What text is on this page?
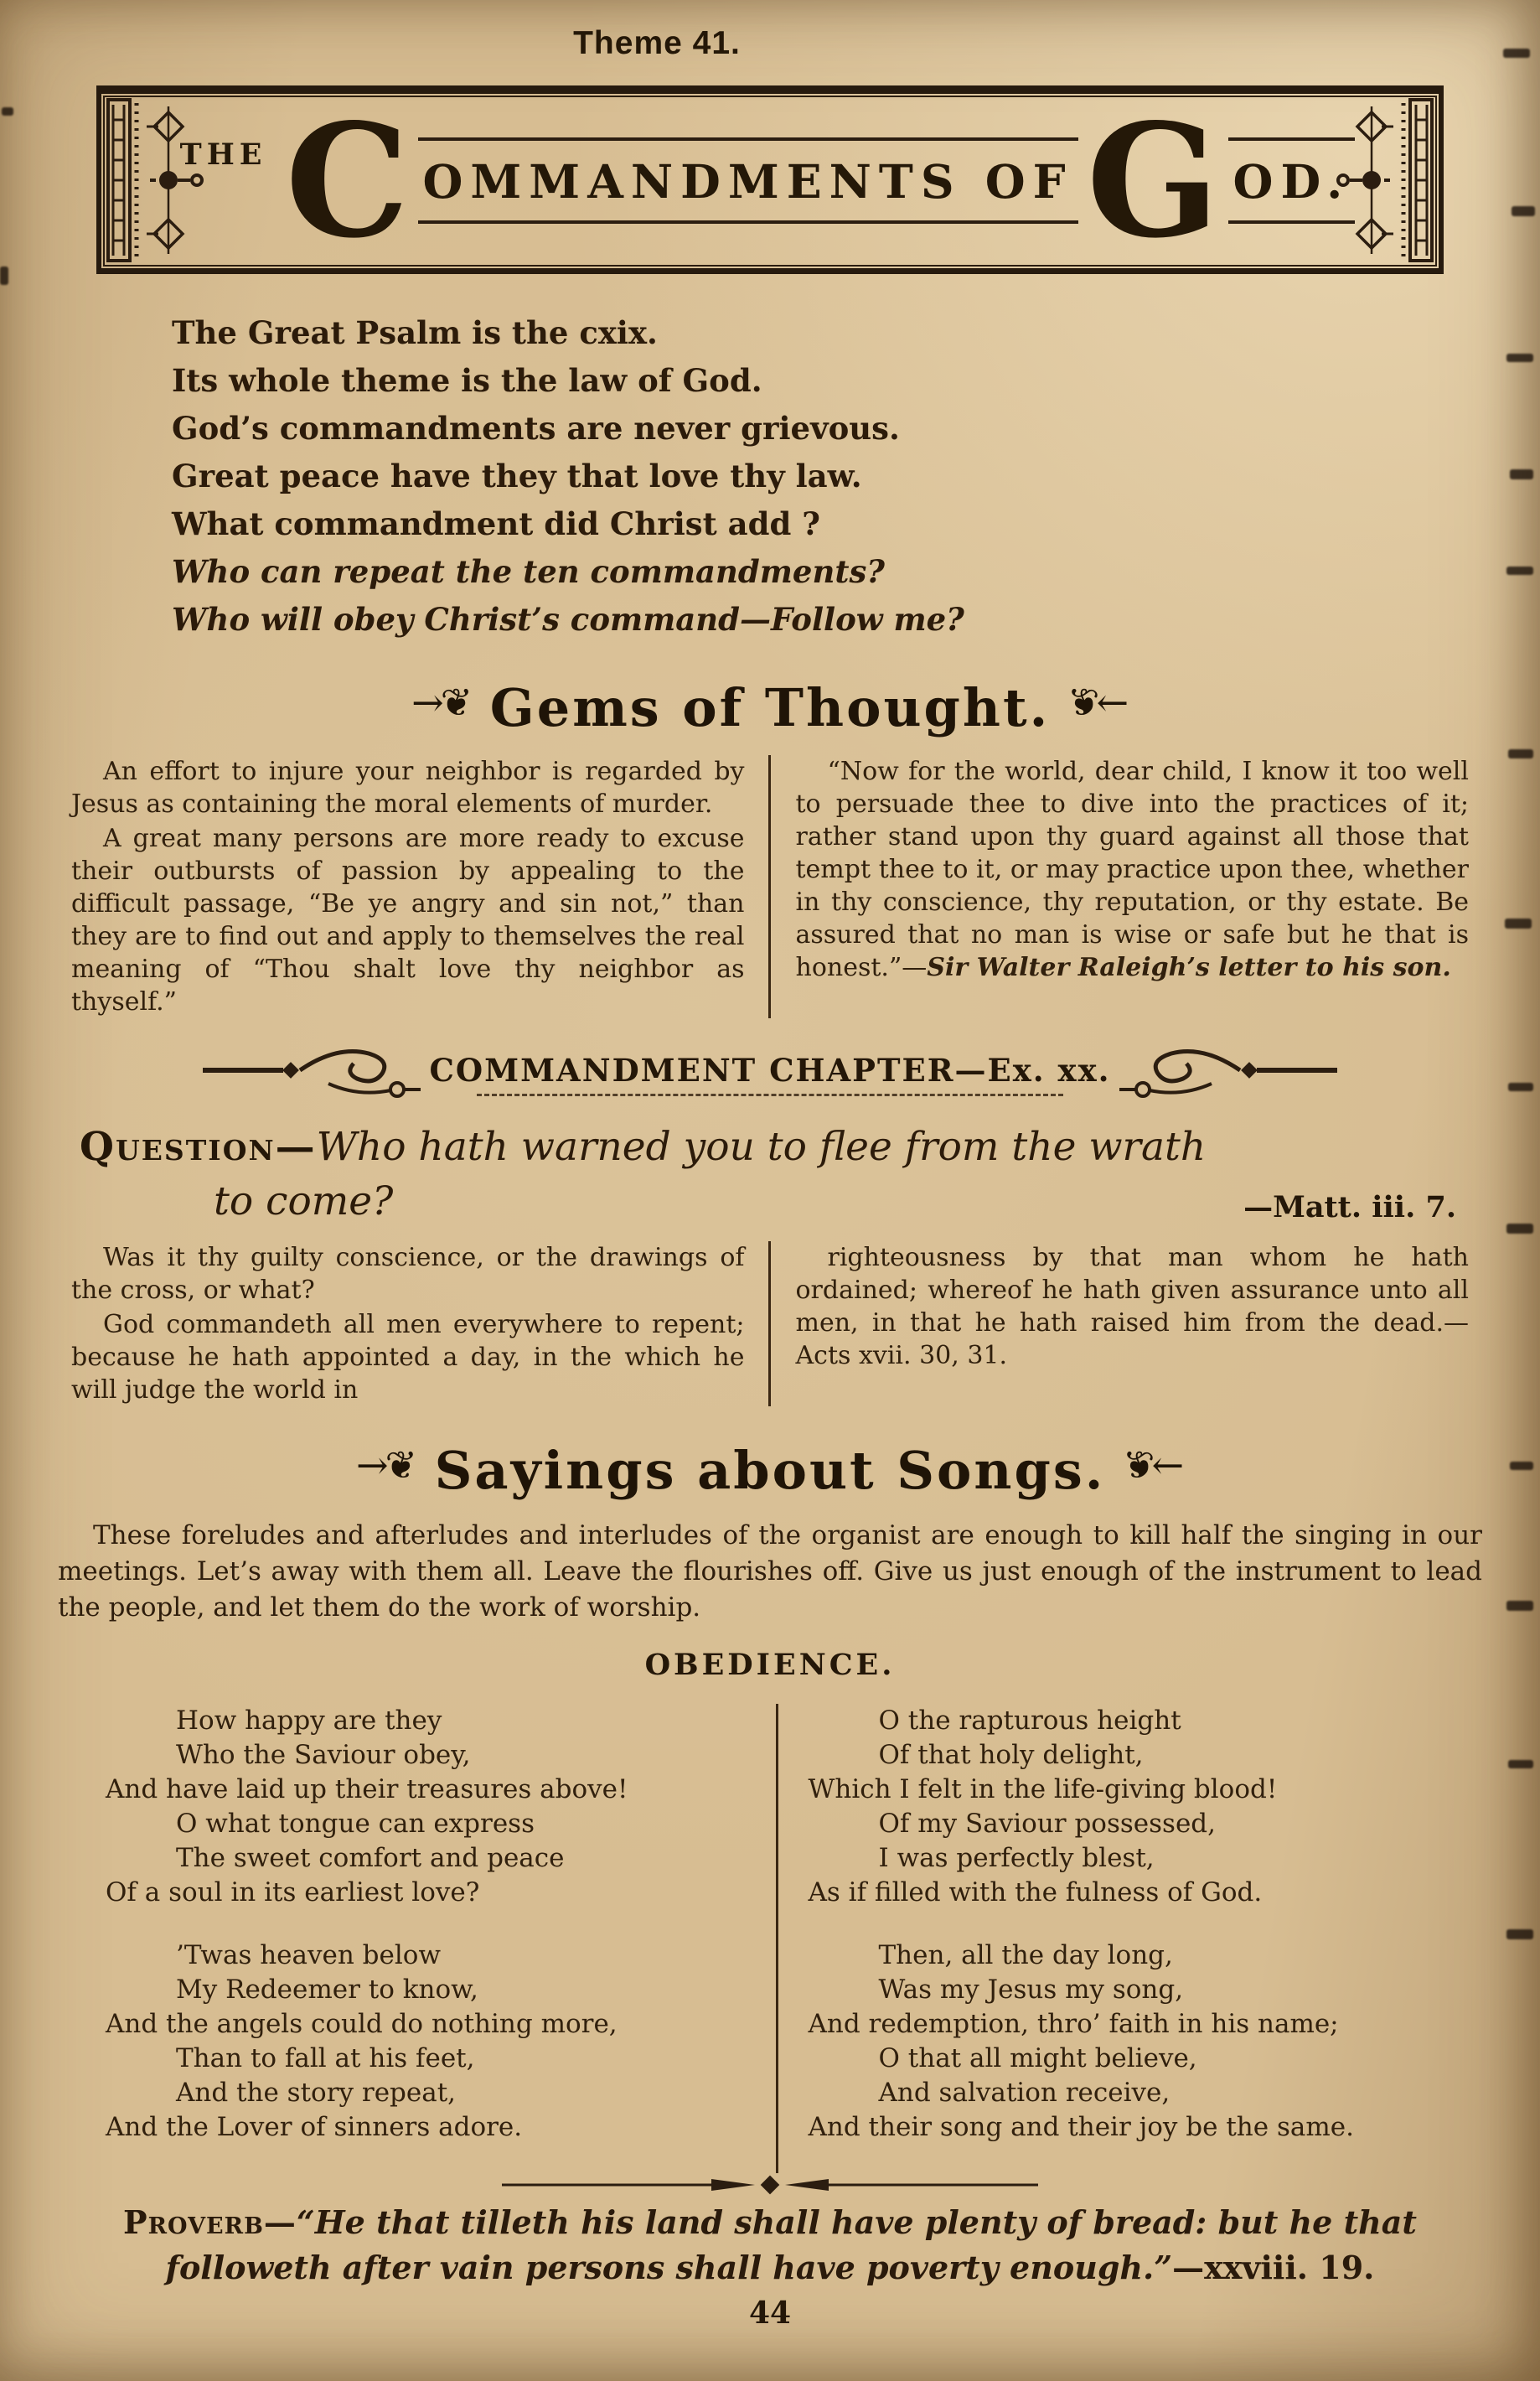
Theme 41.
THE C OMMANDMENTS OF G OD.
The Great Psalm is the cxix.
Its whole theme is the law of God.
God’s commandments are never grievous.
Great peace have they that love thy law.
What commandment did Christ add ?
Who can repeat the ten commandments?
Who will obey Christ’s command—Follow me?
→❦ Gems of Thought. →❦

An effort to injure your neighbor is regarded by Jesus as containing the moral elements of murder.

A great many persons are more ready to excuse their outbursts of passion by appealing to the difficult passage, “Be ye angry and sin not,” than they are to find out and apply to themselves the real meaning of “Thou shalt love thy neighbor as thyself.”

“Now for the world, dear child, I know it too well to persuade thee to dive into the practices of it; rather stand upon thy guard against all those that tempt thee to it, or may practice upon thee, whether in thy conscience, thy reputation, or thy estate. Be assured that no man is wise or safe but he that is honest.”—Sir Walter Raleigh’s letter to his son.

COMMANDMENT CHAPTER—Ex. xx.
Question—Who hath warned you to flee from the wrath
to come?	—Matt. iii. 7.

Was it thy guilty conscience, or the drawings of the cross, or what?

God commandeth all men everywhere to repent; because he hath appointed a day, in the which he will judge the world in

righteousness by that man whom he hath ordained; whereof he hath given assurance unto all men, in that he hath raised him from the dead.—Acts xvii. 30, 31.

→❦ Sayings about Songs. →❦

These foreludes and afterludes and interludes of the organist are enough to kill half the singing in our meetings. Let’s away with them all. Leave the flourishes off. Give us just enough of the instrument to lead the people, and let them do the work of worship.

OBEDIENCE.
How happy are they
Who the Saviour obey,
And have laid up their treasures above!
O what tongue can express
The sweet comfort and peace
Of a soul in its earliest love?
’Twas heaven below
My Redeemer to know,
And the angels could do nothing more,
Than to fall at his feet,
And the story repeat,
And the Lover of sinners adore.
O the rapturous height
Of that holy delight,
Which I felt in the life-giving blood!
Of my Saviour possessed,
I was perfectly blest,
As if filled with the fulness of God.
Then, all the day long,
Was my Jesus my song,
And redemption, thro’ faith in his name;
O that all might believe,
And salvation receive,
And their song and their joy be the same.
Proverb—“He that tilleth his land shall have plenty of bread: but he that followeth after vain persons shall have poverty enough.”—xxviii. 19.
44
